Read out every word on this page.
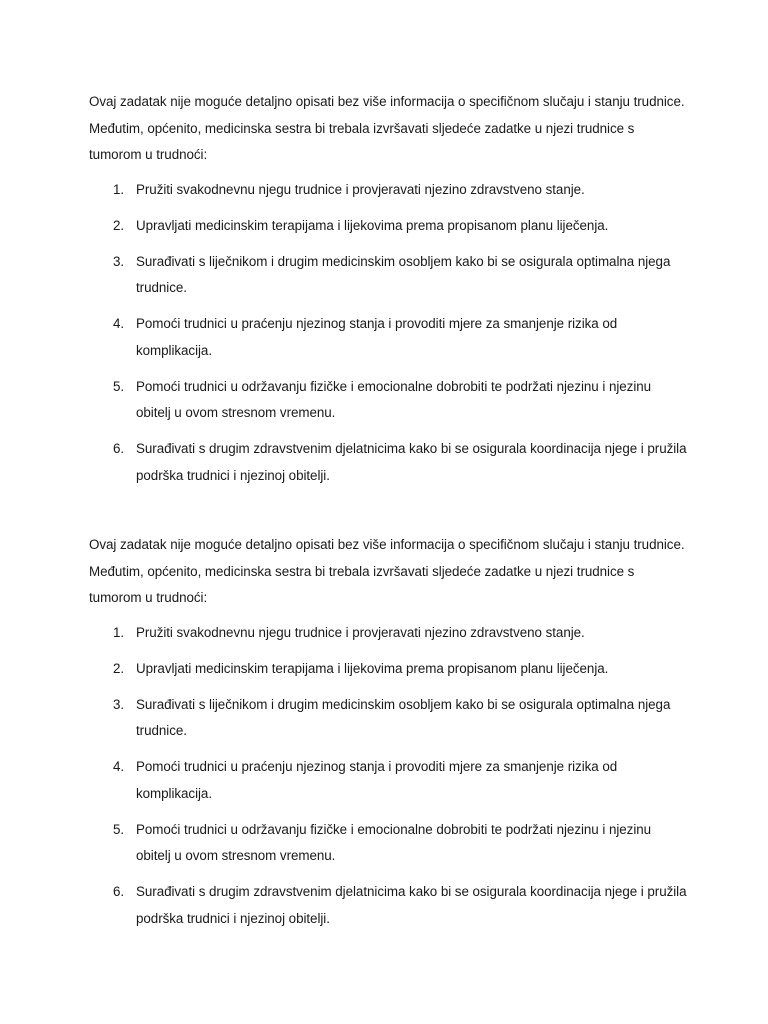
Ovaj zadatak nije moguće detaljno opisati bez više informacija o specifičnom slučaju i stanju trudnice. Međutim, općenito, medicinska sestra bi trebala izvršavati sljedeće zadatke u njezi trudnice s tumorom u trudnoći:

1. Pružiti svakodnevnu njegu trudnice i provjeravati njezino zdravstveno stanje.
2. Upravljati medicinskim terapijama i lijekovima prema propisanom planu liječenja.
3. Surađivati s liječnikom i drugim medicinskim osobljem kako bi se osigurala optimalna njega trudnice.
4. Pomoći trudnici u praćenju njezinog stanja i provoditi mjere za smanjenje rizika od komplikacija.
5. Pomoći trudnici u održavanju fizičke i emocionalne dobrobiti te podržati njezinu i njezinu obitelj u ovom stresnom vremenu.
6. Surađivati s drugim zdravstvenim djelatnicima kako bi se osigurala koordinacija njege i pružila podrška trudnici i njezinoj obitelji.

Ovaj zadatak nije moguće detaljno opisati bez više informacija o specifičnom slučaju i stanju trudnice. Međutim, općenito, medicinska sestra bi trebala izvršavati sljedeće zadatke u njezi trudnice s tumorom u trudnoći:

1. Pružiti svakodnevnu njegu trudnice i provjeravati njezino zdravstveno stanje.
2. Upravljati medicinskim terapijama i lijekovima prema propisanom planu liječenja.
3. Surađivati s liječnikom i drugim medicinskim osobljem kako bi se osigurala optimalna njega trudnice.
4. Pomoći trudnici u praćenju njezinog stanja i provoditi mjere za smanjenje rizika od komplikacija.
5. Pomoći trudnici u održavanju fizičke i emocionalne dobrobiti te podržati njezinu i njezinu obitelj u ovom stresnom vremenu.
6. Surađivati s drugim zdravstvenim djelatnicima kako bi se osigurala koordinacija njege i pružila podrška trudnici i njezinoj obitelji.
